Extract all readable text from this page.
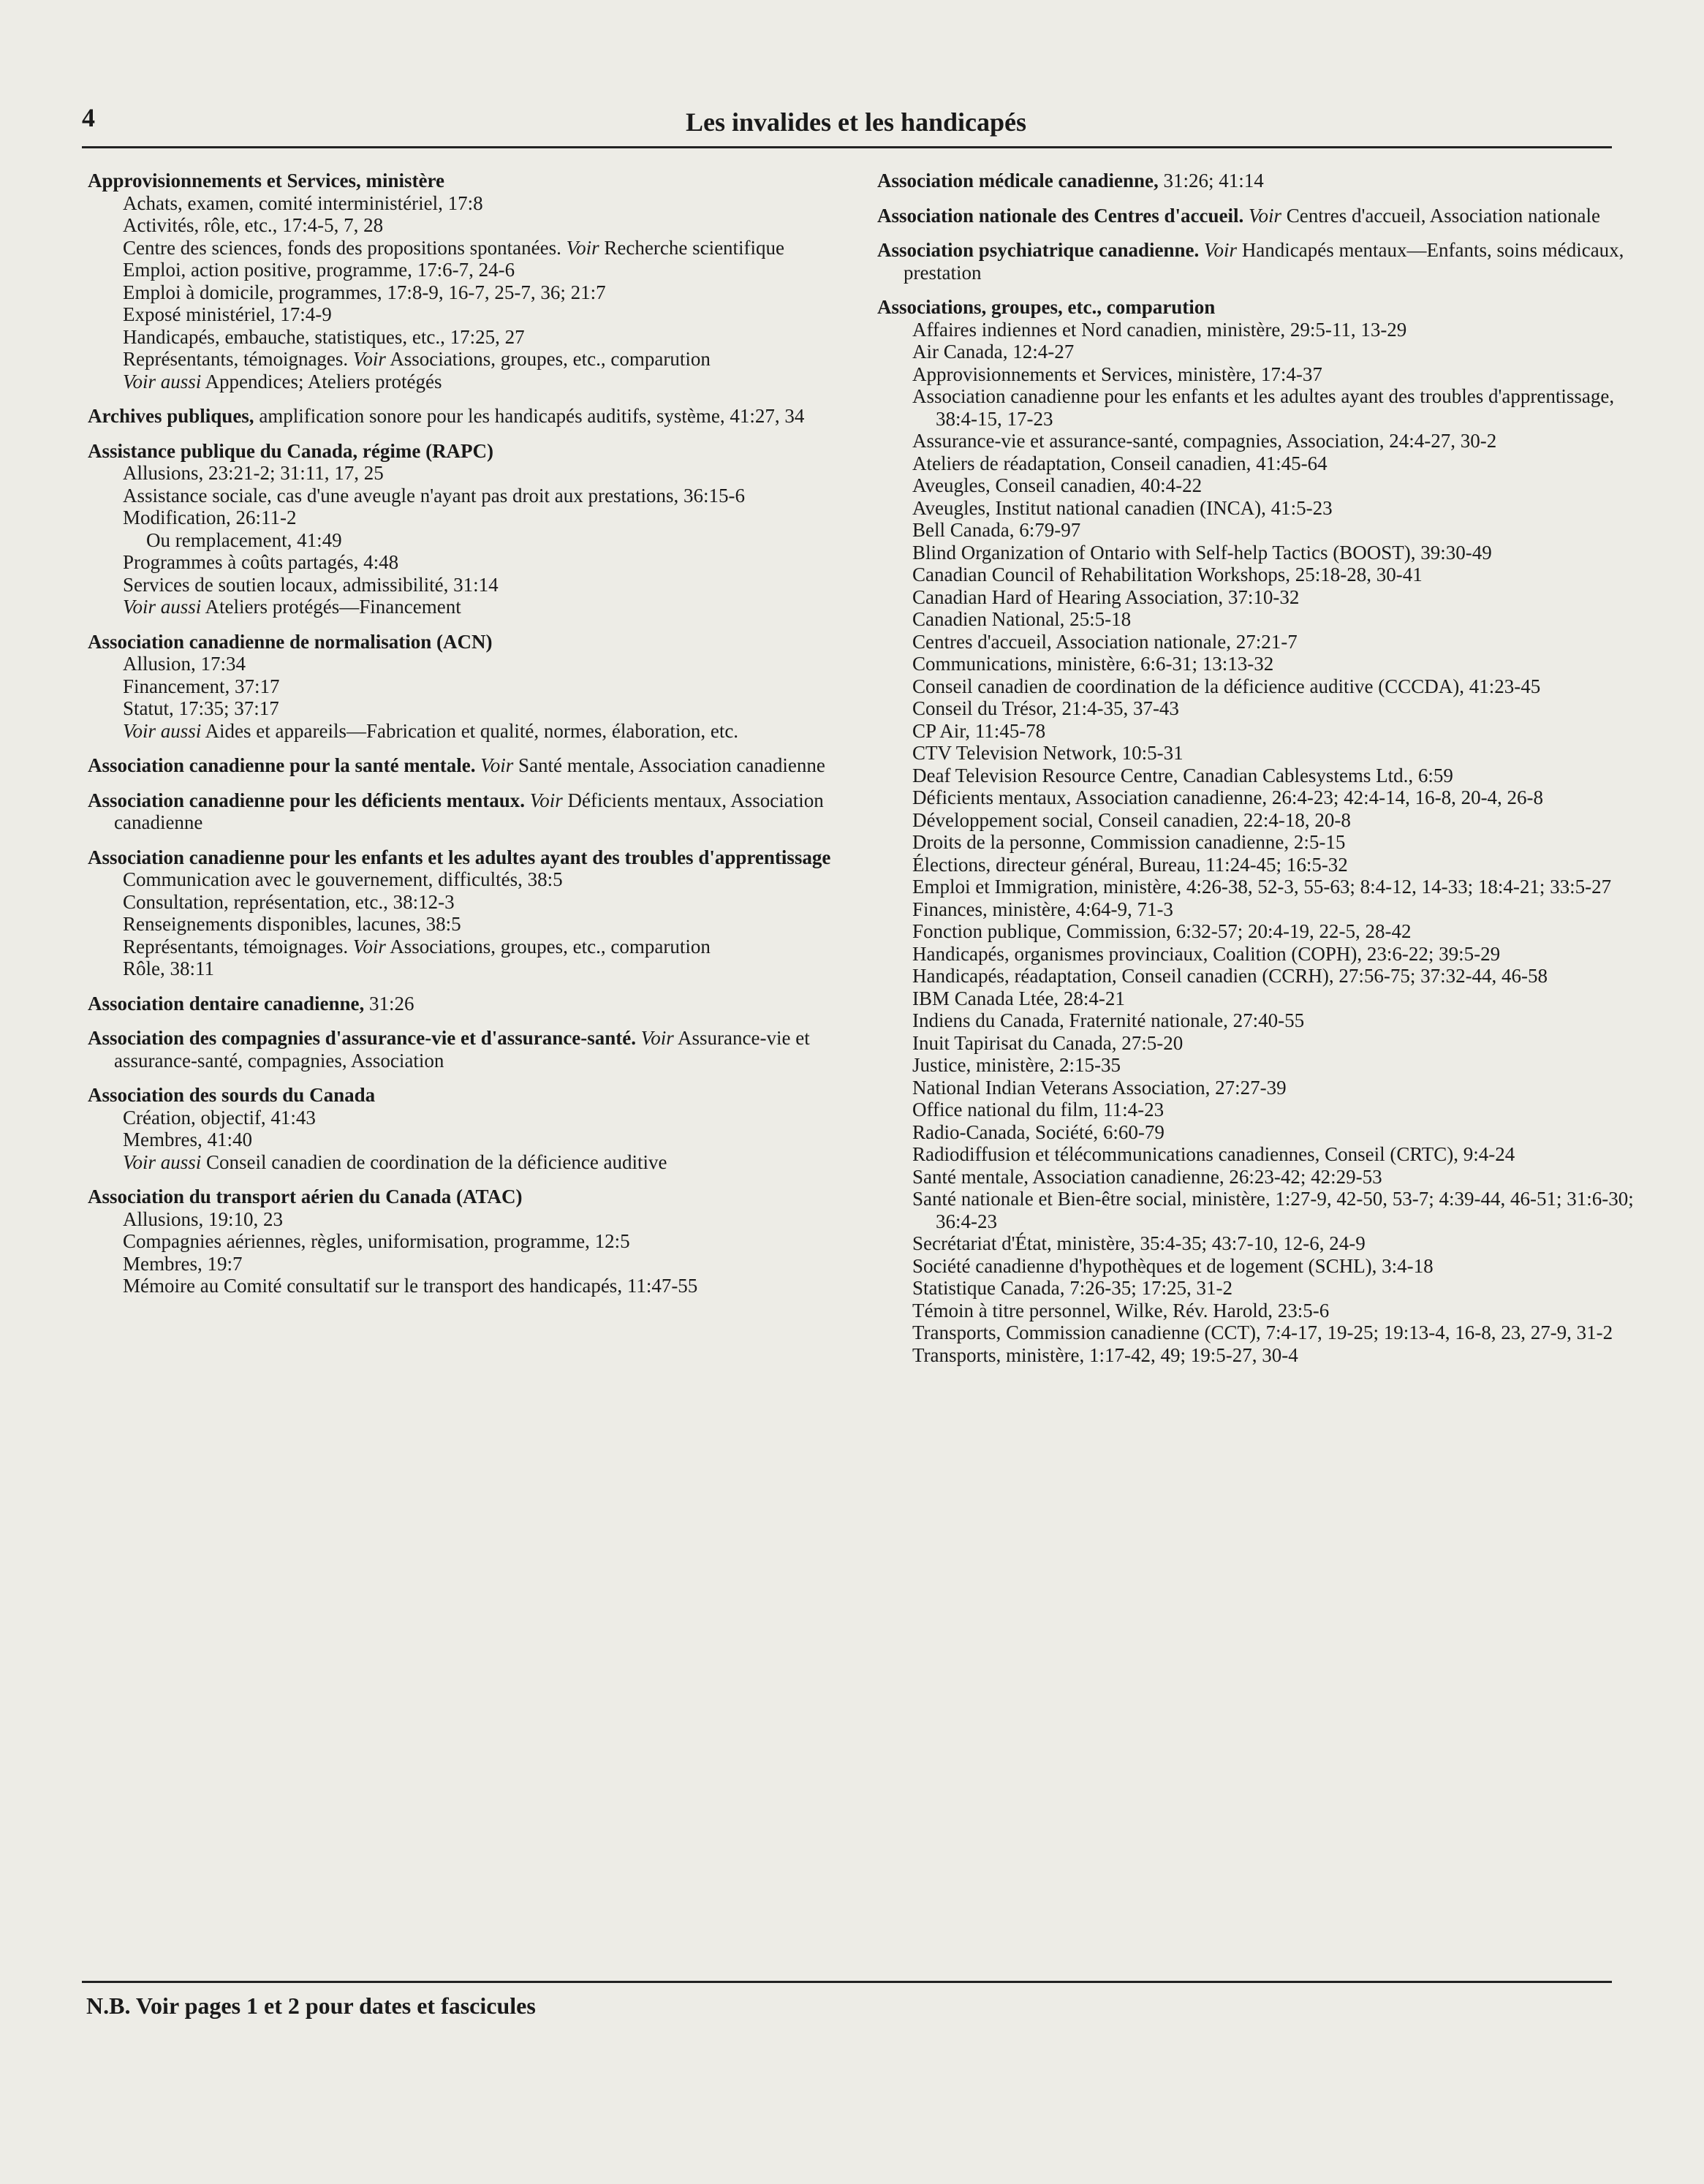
4	Les invalides et les handicapés
Approvisionnements et Services, ministère
Achats, examen, comité interministériel, 17:8
Activités, rôle, etc., 17:4-5, 7, 28
Centre des sciences, fonds des propositions spontanées. Voir Recherche scientifique
Emploi, action positive, programme, 17:6-7, 24-6
Emploi à domicile, programmes, 17:8-9, 16-7, 25-7, 36; 21:7
Exposé ministériel, 17:4-9
Handicapés, embauche, statistiques, etc., 17:25, 27
Représentants, témoignages. Voir Associations, groupes, etc., comparution
Voir aussi Appendices; Ateliers protégés
Archives publiques, amplification sonore pour les handicapés auditifs, système, 41:27, 34
Assistance publique du Canada, régime (RAPC)
Allusions, 23:21-2; 31:11, 17, 25
Assistance sociale, cas d'une aveugle n'ayant pas droit aux prestations, 36:15-6
Modification, 26:11-2
Ou remplacement, 41:49
Programmes à coûts partagés, 4:48
Services de soutien locaux, admissibilité, 31:14
Voir aussi Ateliers protégés—Financement
Association canadienne de normalisation (ACN)
Allusion, 17:34
Financement, 37:17
Statut, 17:35; 37:17
Voir aussi Aides et appareils—Fabrication et qualité, normes, élaboration, etc.
Association canadienne pour la santé mentale. Voir Santé mentale, Association canadienne
Association canadienne pour les déficients mentaux. Voir Déficients mentaux, Association canadienne
Association canadienne pour les enfants et les adultes ayant des troubles d'apprentissage
Communication avec le gouvernement, difficultés, 38:5
Consultation, représentation, etc., 38:12-3
Renseignements disponibles, lacunes, 38:5
Représentants, témoignages. Voir Associations, groupes, etc., comparution
Rôle, 38:11
Association dentaire canadienne, 31:26
Association des compagnies d'assurance-vie et d'assurance-santé. Voir Assurance-vie et assurance-santé, compagnies, Association
Association des sourds du Canada
Création, objectif, 41:43
Membres, 41:40
Voir aussi Conseil canadien de coordination de la déficience auditive
Association du transport aérien du Canada (ATAC)
Allusions, 19:10, 23
Compagnies aériennes, règles, uniformisation, programme, 12:5
Membres, 19:7
Mémoire au Comité consultatif sur le transport des handicapés, 11:47-55
Association médicale canadienne, 31:26; 41:14
Association nationale des Centres d'accueil. Voir Centres d'accueil, Association nationale
Association psychiatrique canadienne. Voir Handicapés mentaux—Enfants, soins médicaux, prestation
Associations, groupes, etc., comparution
Affaires indiennes et Nord canadien, ministère, 29:5-11, 13-29
Air Canada, 12:4-27
Approvisionnements et Services, ministère, 17:4-37
Association canadienne pour les enfants et les adultes ayant des troubles d'apprentissage, 38:4-15, 17-23
Assurance-vie et assurance-santé, compagnies, Association, 24:4-27, 30-2
Ateliers de réadaptation, Conseil canadien, 41:45-64
Aveugles, Conseil canadien, 40:4-22
Aveugles, Institut national canadien (INCA), 41:5-23
Bell Canada, 6:79-97
Blind Organization of Ontario with Self-help Tactics (BOOST), 39:30-49
Canadian Council of Rehabilitation Workshops, 25:18-28, 30-41
Canadian Hard of Hearing Association, 37:10-32
Canadien National, 25:5-18
Centres d'accueil, Association nationale, 27:21-7
Communications, ministère, 6:6-31; 13:13-32
Conseil canadien de coordination de la déficience auditive (CCCDA), 41:23-45
Conseil du Trésor, 21:4-35, 37-43
CP Air, 11:45-78
CTV Television Network, 10:5-31
Deaf Television Resource Centre, Canadian Cablesystems Ltd., 6:59
Déficients mentaux, Association canadienne, 26:4-23; 42:4-14, 16-8, 20-4, 26-8
Développement social, Conseil canadien, 22:4-18, 20-8
Droits de la personne, Commission canadienne, 2:5-15
Élections, directeur général, Bureau, 11:24-45; 16:5-32
Emploi et Immigration, ministère, 4:26-38, 52-3, 55-63; 8:4-12, 14-33; 18:4-21; 33:5-27
Finances, ministère, 4:64-9, 71-3
Fonction publique, Commission, 6:32-57; 20:4-19, 22-5, 28-42
Handicapés, organismes provinciaux, Coalition (COPH), 23:6-22; 39:5-29
Handicapés, réadaptation, Conseil canadien (CCRH), 27:56-75; 37:32-44, 46-58
IBM Canada Ltée, 28:4-21
Indiens du Canada, Fraternité nationale, 27:40-55
Inuit Tapirisat du Canada, 27:5-20
Justice, ministère, 2:15-35
National Indian Veterans Association, 27:27-39
Office national du film, 11:4-23
Radio-Canada, Société, 6:60-79
Radiodiffusion et télécommunications canadiennes, Conseil (CRTC), 9:4-24
Santé mentale, Association canadienne, 26:23-42; 42:29-53
Santé nationale et Bien-être social, ministère, 1:27-9, 42-50, 53-7; 4:39-44, 46-51; 31:6-30; 36:4-23
Secrétariat d'État, ministère, 35:4-35; 43:7-10, 12-6, 24-9
Société canadienne d'hypothèques et de logement (SCHL), 3:4-18
Statistique Canada, 7:26-35; 17:25, 31-2
Témoin à titre personnel, Wilke, Rév. Harold, 23:5-6
Transports, Commission canadienne (CCT), 7:4-17, 19-25; 19:13-4, 16-8, 23, 27-9, 31-2
Transports, ministère, 1:17-42, 49; 19:5-27, 30-4
N.B. Voir pages 1 et 2 pour dates et fascicules
